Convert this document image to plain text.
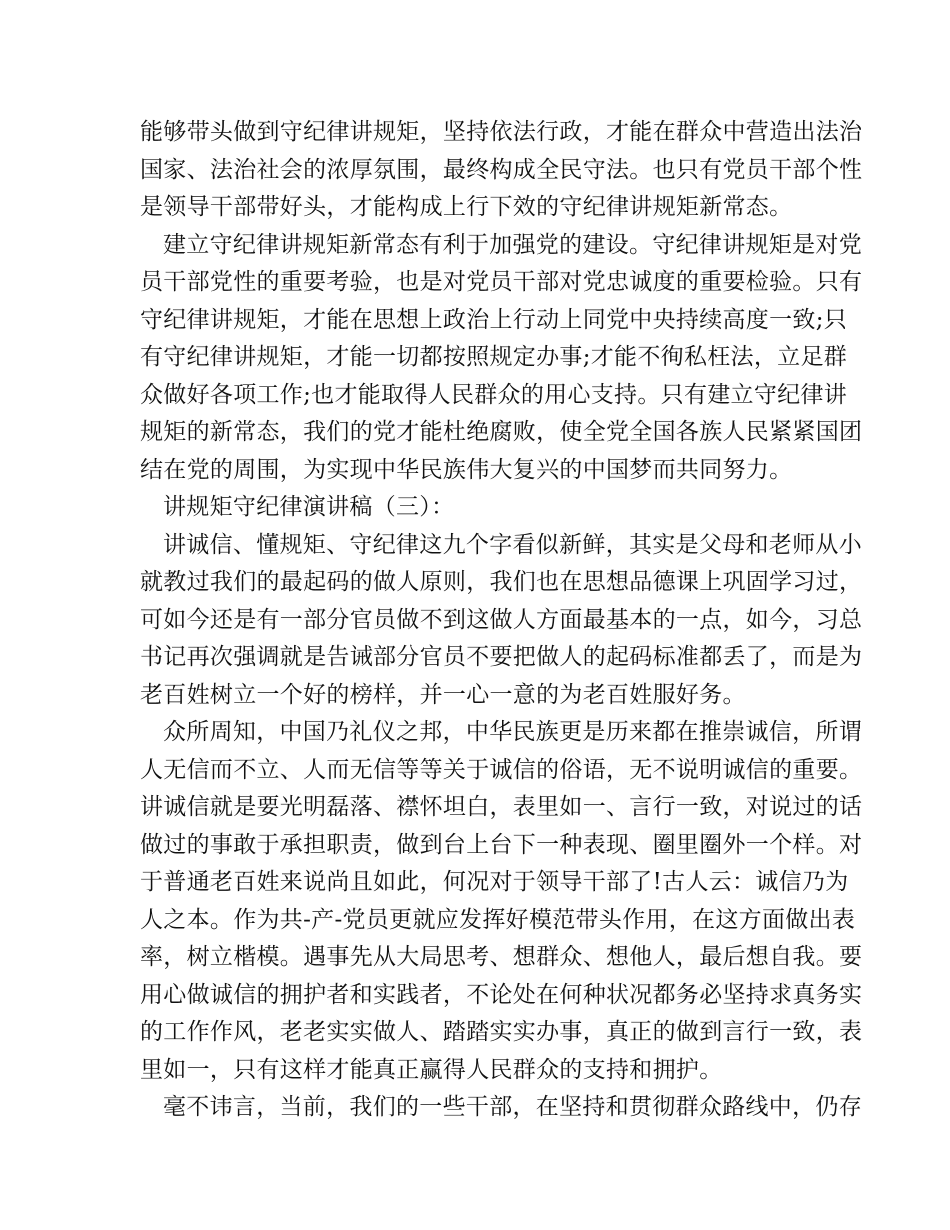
能够带头做到守纪律讲规矩，坚持依法行政，才能在群众中营造出法治
国家、法治社会的浓厚氛围，最终构成全民守法。也只有党员干部个性
是领导干部带好头，才能构成上行下效的守纪律讲规矩新常态。
建立守纪律讲规矩新常态有利于加强党的建设。守纪律讲规矩是对党
员干部党性的重要考验，也是对党员干部对党忠诚度的重要检验。只有
守纪律讲规矩，才能在思想上政治上行动上同党中央持续高度一致;只
有守纪律讲规矩，才能一切都按照规定办事;才能不徇私枉法，立足群
众做好各项工作;也才能取得人民群众的用心支持。只有建立守纪律讲
规矩的新常态，我们的党才能杜绝腐败，使全党全国各族人民紧紧国团
结在党的周围，为实现中华民族伟大复兴的中国梦而共同努力。
讲规矩守纪律演讲稿（三）：
讲诚信、懂规矩、守纪律这九个字看似新鲜，其实是父母和老师从小
就教过我们的最起码的做人原则，我们也在思想品德课上巩固学习过，
可如今还是有一部分官员做不到这做人方面最基本的一点，如今，习总
书记再次强调就是告诫部分官员不要把做人的起码标准都丢了，而是为
老百姓树立一个好的榜样，并一心一意的为老百姓服好务。
众所周知，中国乃礼仪之邦，中华民族更是历来都在推崇诚信，所谓
人无信而不立、人而无信等等关于诚信的俗语，无不说明诚信的重要。
讲诚信就是要光明磊落、襟怀坦白，表里如一、言行一致，对说过的话
做过的事敢于承担职责，做到台上台下一种表现、圈里圈外一个样。对
于普通老百姓来说尚且如此，何况对于领导干部了!古人云：诚信乃为
人之本。作为共-产-党员更就应发挥好模范带头作用，在这方面做出表
率，树立楷模。遇事先从大局思考、想群众、想他人，最后想自我。要
用心做诚信的拥护者和实践者，不论处在何种状况都务必坚持求真务实
的工作作风，老老实实做人、踏踏实实办事，真正的做到言行一致，表
里如一，只有这样才能真正赢得人民群众的支持和拥护。
毫不讳言，当前，我们的一些干部，在坚持和贯彻群众路线中，仍存
